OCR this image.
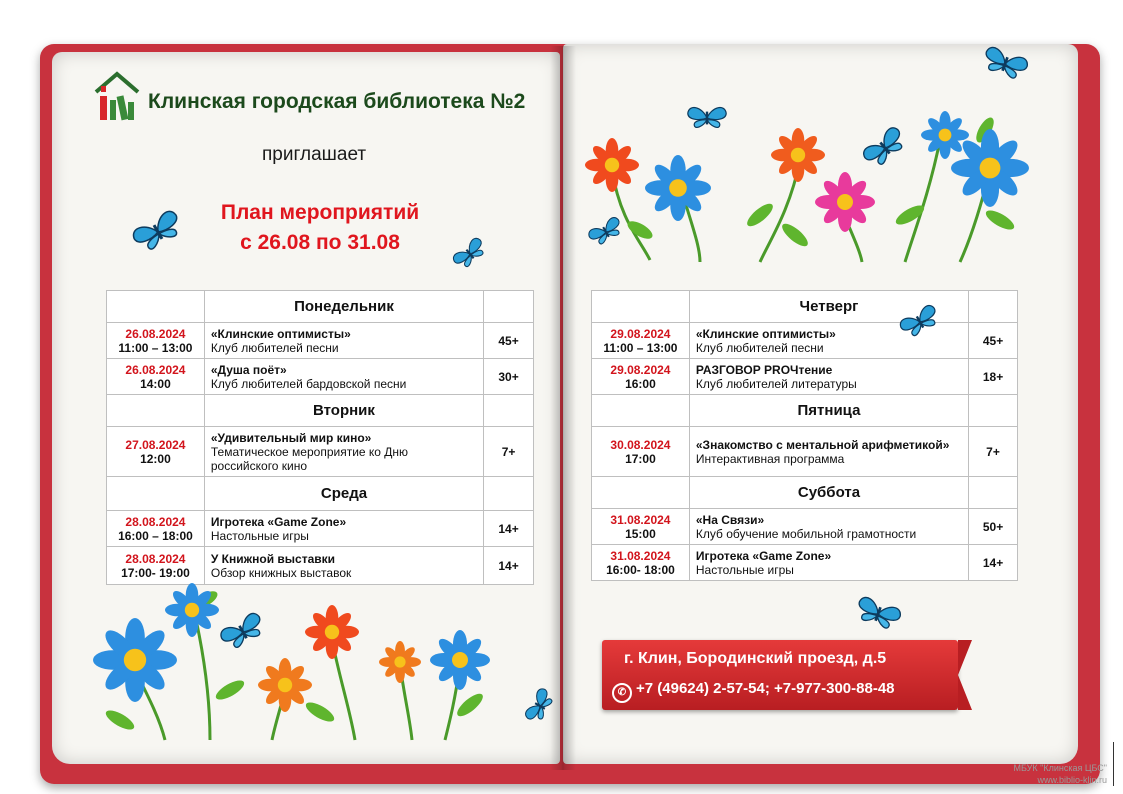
Клинская городская библиотека №2
приглашает
План мероприятий
с 26.08 по 31.08
	Понедельник	

26.08.2024
11:00 – 13:00	«Клинские оптимисты»
Клуб любителей песни	45+

26.08.2024
14:00	«Душа поёт»
Клуб любителей бардовской песни	30+
	Вторник	

27.08.2024
12:00	«Удивительный мир кино»
Тематическое мероприятие ко Дню российского кино	7+
	Среда	

28.08.2024
16:00 – 18:00	Игротека «Game Zone»
Настольные игры	14+

28.08.2024
17:00- 19:00	У Книжной выставки
Обзор книжных выставок	14+
	Четверг	

29.08.2024
11:00 – 13:00	«Клинские оптимисты»
Клуб любителей песни	45+

29.08.2024
16:00	РАЗГОВОР PROЧтение
Клуб любителей литературы	18+
	Пятница	

30.08.2024
17:00	«Знакомство с ментальной арифметикой»
Интерактивная программа	7+
	Суббота	

31.08.2024
15:00	«На Связи»
Клуб обучение мобильной грамотности	50+

31.08.2024
16:00- 18:00	Игротека «Game Zone»
Настольные игры	14+
г. Клин, Бородинский проезд, д.5
✆ +7 (49624) 2-57-54; +7-977-300-88-48
МБУК "Клинская ЦБС"
www.biblio-klin.ru
